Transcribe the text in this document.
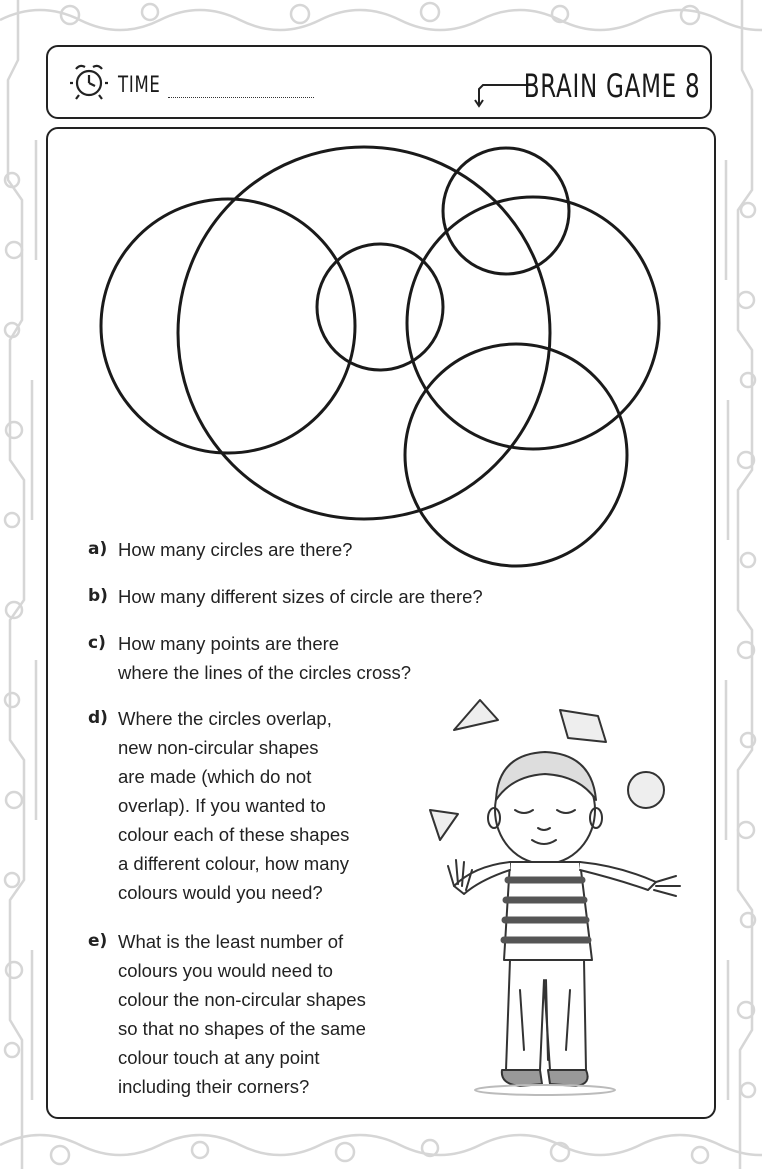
TIME	BRAIN GAME 8
a) How many circles are there?
b) How many different sizes of circle are there?
c) How many points are there
where the lines of the circles cross?
d) Where the circles overlap,
new non-circular shapes
are made (which do not
overlap). If you wanted to
colour each of these shapes
a different colour, how many
colours would you need?
e) What is the least number of
colours you would need to
colour the non-circular shapes
so that no shapes of the same
colour touch at any point
including their corners?
